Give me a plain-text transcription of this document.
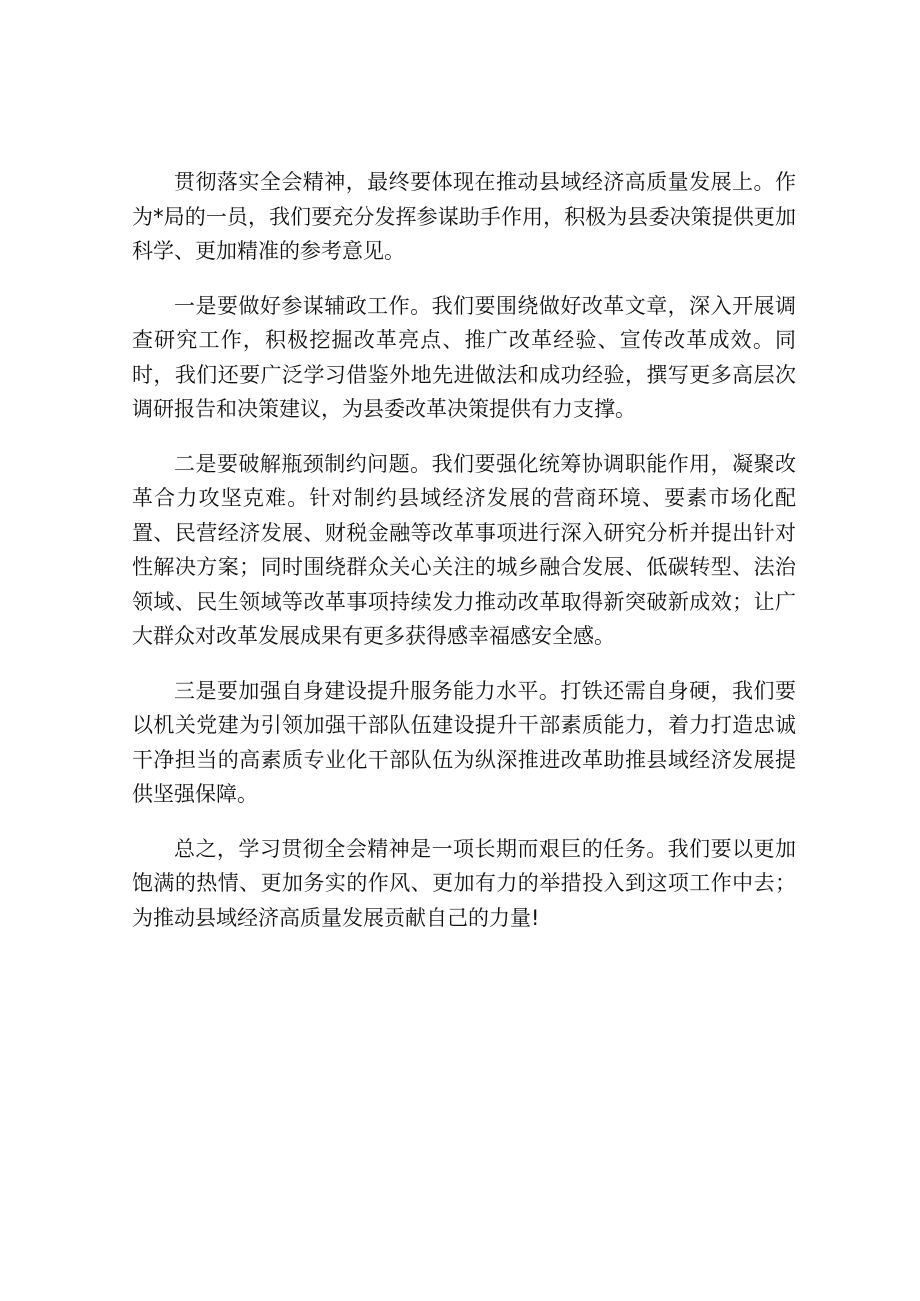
贯彻落实全会精神，最终要体现在推动县域经济高质量发展上。作为*局的一员，我们要充分发挥参谋助手作用，积极为县委决策提供更加科学、更加精准的参考意见。

一是要做好参谋辅政工作。我们要围绕做好改革文章，深入开展调查研究工作，积极挖掘改革亮点、推广改革经验、宣传改革成效。同时，我们还要广泛学习借鉴外地先进做法和成功经验，撰写更多高层次调研报告和决策建议，为县委改革决策提供有力支撑。

二是要破解瓶颈制约问题。我们要强化统筹协调职能作用，凝聚改革合力攻坚克难。针对制约县域经济发展的营商环境、要素市场化配置、民营经济发展、财税金融等改革事项进行深入研究分析并提出针对性解决方案；同时围绕群众关心关注的城乡融合发展、低碳转型、法治领域、民生领域等改革事项持续发力推动改革取得新突破新成效；让广大群众对改革发展成果有更多获得感幸福感安全感。

三是要加强自身建设提升服务能力水平。打铁还需自身硬，我们要以机关党建为引领加强干部队伍建设提升干部素质能力，着力打造忠诚干净担当的高素质专业化干部队伍为纵深推进改革助推县域经济发展提供坚强保障。

总之，学习贯彻全会精神是一项长期而艰巨的任务。我们要以更加饱满的热情、更加务实的作风、更加有力的举措投入到这项工作中去；为推动县域经济高质量发展贡献自己的力量!
